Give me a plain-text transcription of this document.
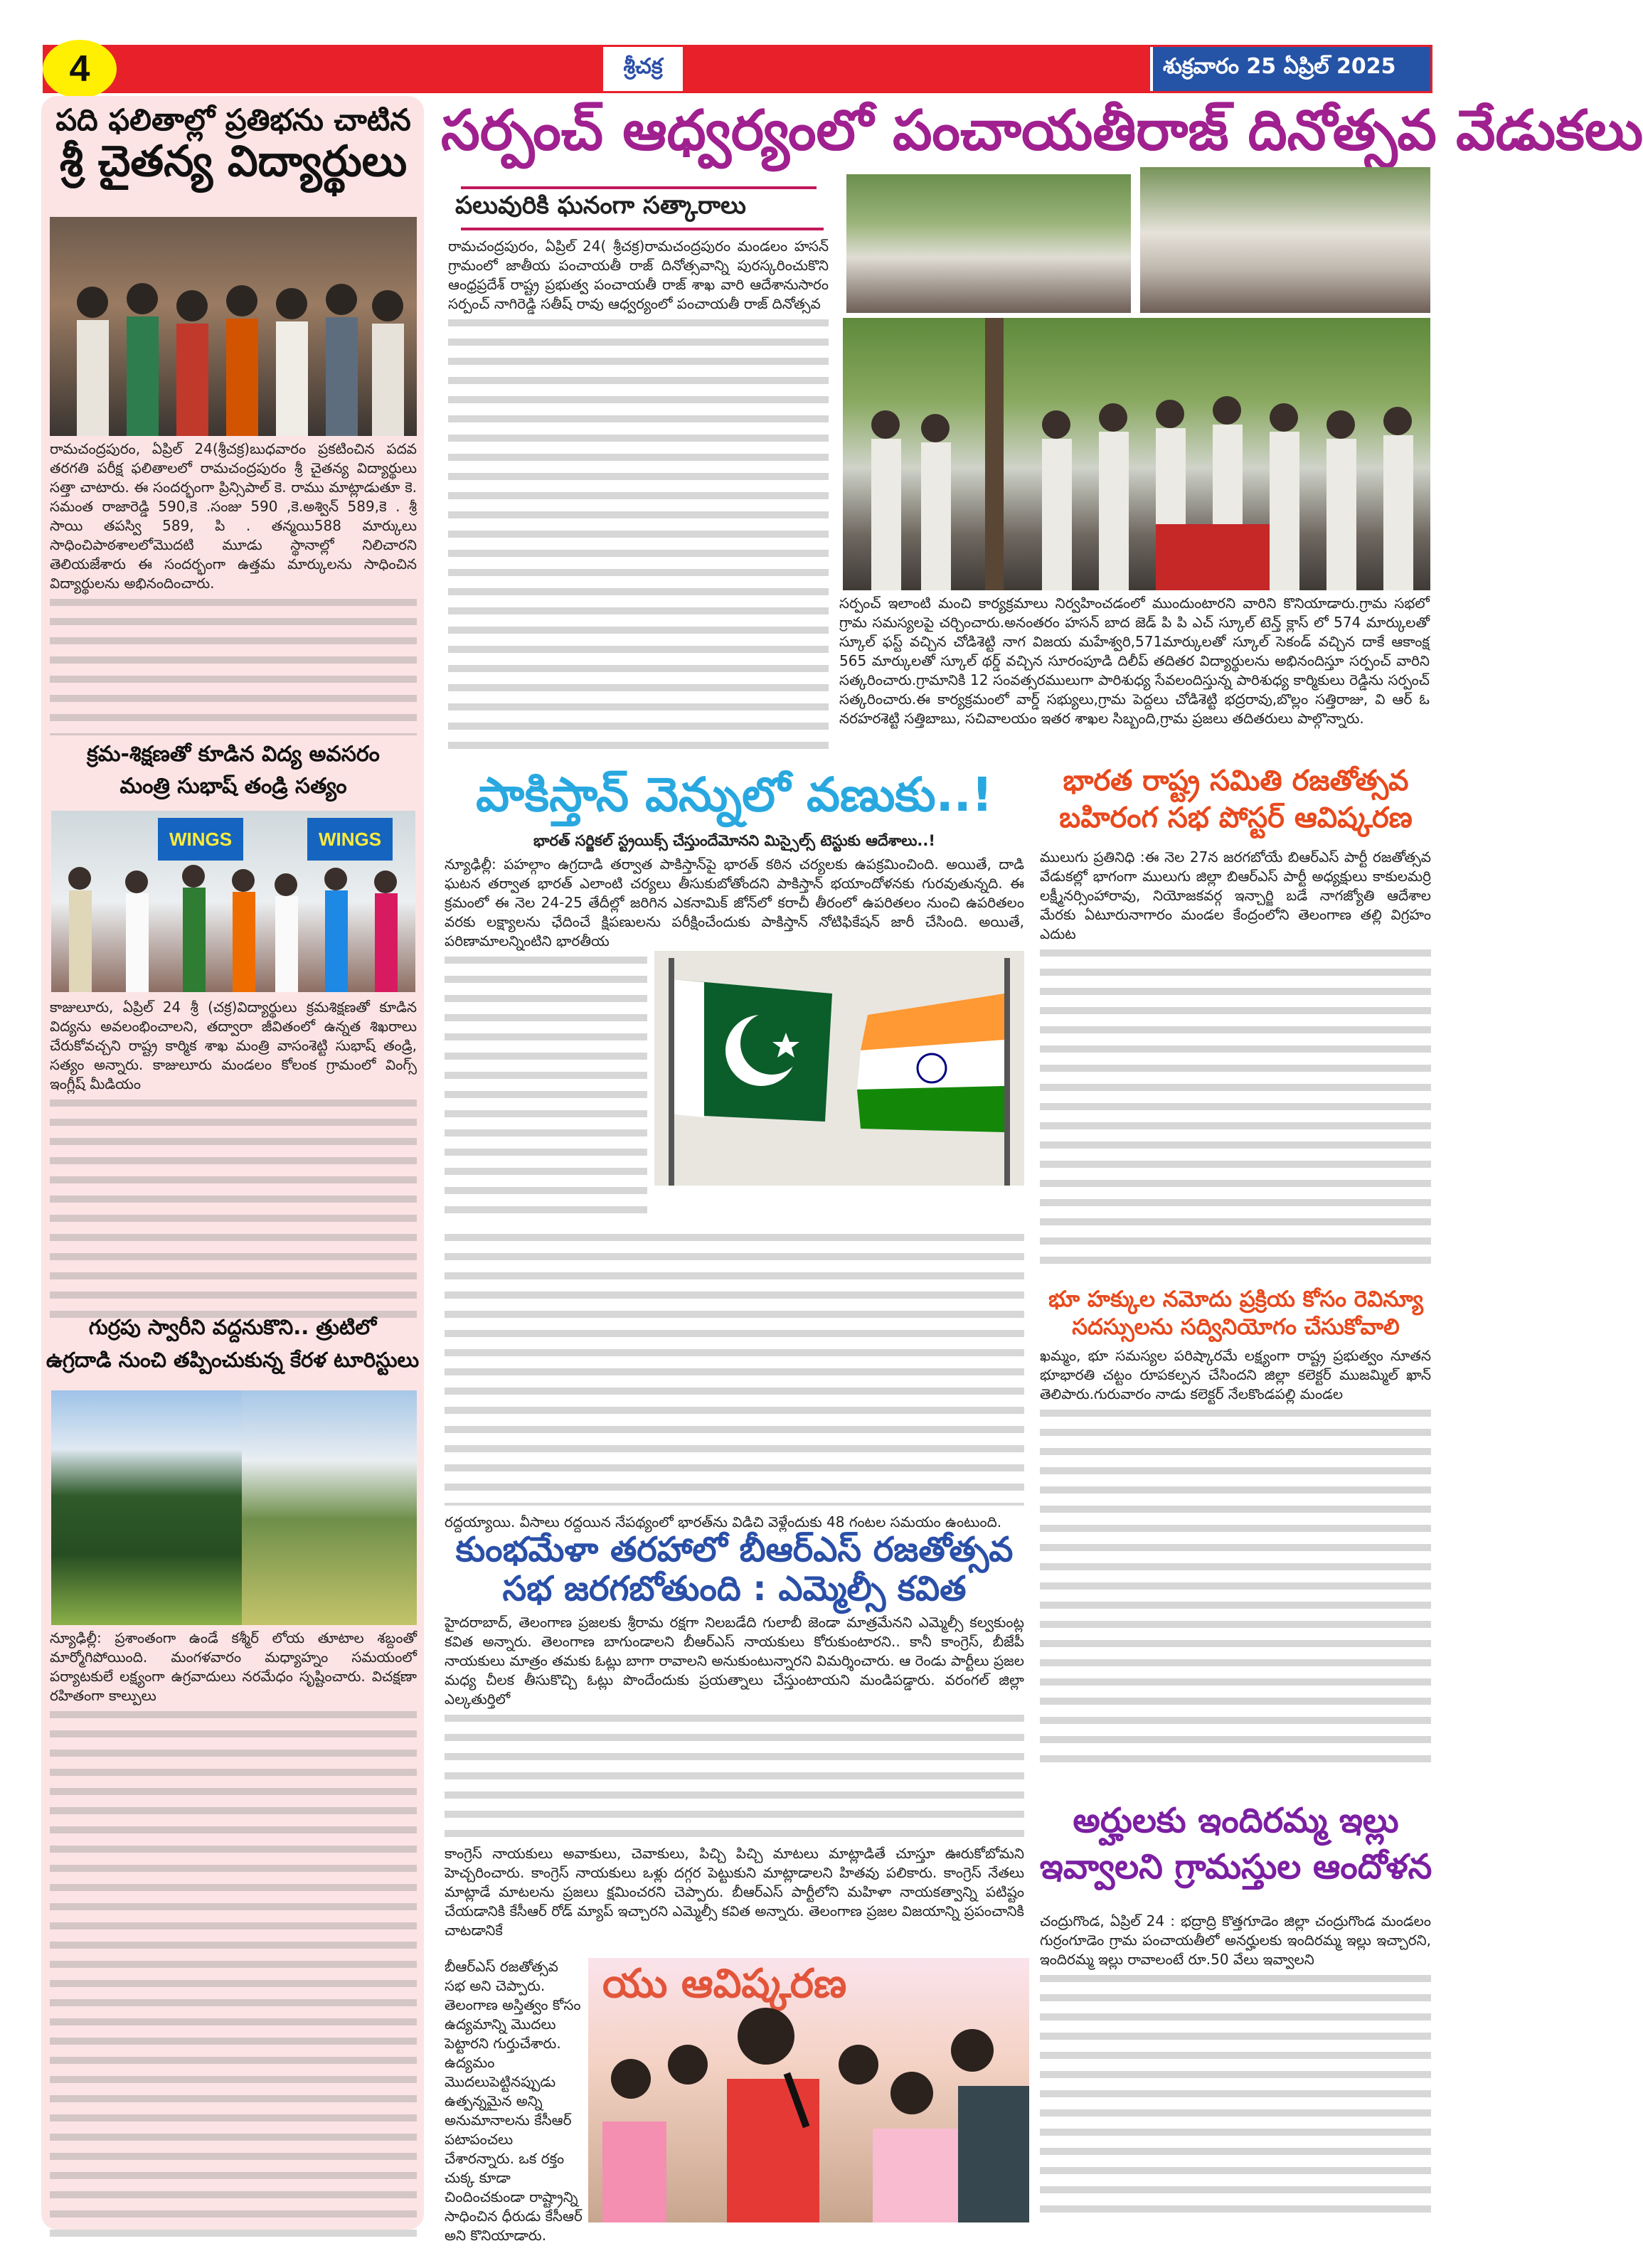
4	శ్రీచక్ర	శుక్రవారం 25 ఏప్రిల్ 2025
పది ఫలితాల్లో ప్రతిభను చాటిన
శ్రీ చైతన్య విద్యార్థులు
రామచంద్రపురం, ఏప్రిల్ 24(శ్రీచక్ర)బుధవారం ప్రకటించిన పదవ తరగతి పరీక్ష ఫలితాలలో రామచంద్రపురం శ్రీ చైతన్య విద్యార్థులు సత్తా చాటారు. ఈ సందర్భంగా ప్రిన్సిపాల్ కె. రాము మాట్లాడుతూ కె. సమంత రాజారెడ్డి 590,కె .సంజు 590 ,కె.అశ్విన్ 589,కె . శ్రీ సాయి తపస్వి 589, పి . తన్మయి588 మార్కులు సాధించిపాఠశాలలోమొదటి మూడు స్థానాల్లో నిలిచారని తెలియజేశారు ఈ సందర్భంగా ఉత్తమ మార్కులను సాధించిన విద్యార్థులను అభినందించారు.
క్రమ-శిక్షణతో కూడిన విద్య అవసరం
మంత్రి సుభాష్ తండ్రి సత్యం
WINGS	WINGS
కాజులూరు, ఏప్రిల్ 24 శ్రీ (చక్ర)విద్యార్థులు క్రమశిక్షణతో కూడిన విద్యను అవలంభించాలని, తద్వారా జీవితంలో ఉన్నత శిఖరాలు చేరుకోవచ్చని రాష్ట్ర కార్మిక శాఖ మంత్రి వాసంశెట్టి సుభాష్ తండ్రి, సత్యం అన్నారు. కాజులూరు మండలం కోలంక గ్రామంలో వింగ్స్ ఇంగ్లీష్ మీడియం
గుర్రపు స్వారీని వద్దనుకొని.. త్రుటిలో
ఉగ్రదాడి నుంచి తప్పించుకున్న కేరళ టూరిస్టులు
న్యూఢిల్లీ: ప్రశాంతంగా ఉండే కశ్మీర్ లోయ తూటాల శబ్దంతో మార్మోగిపోయింది. మంగళవారం మధ్యాహ్నం సమయంలో పర్యాటకులే లక్ష్యంగా ఉగ్రవాదులు నరమేధం సృష్టించారు. విచక్షణా రహితంగా కాల్పులు
సర్పంచ్ ఆధ్వర్యంలో పంచాయతీరాజ్ దినోత్సవ వేడుకలు
పలువురికి ఘనంగా సత్కారాలు
రామచంద్రపురం, ఏప్రిల్ 24( శ్రీచక్ర)రామచంద్రపురం మండలం హసన్ గ్రామంలో జాతీయ పంచాయతీ రాజ్ దినోత్సవాన్ని పురస్కరించుకొని ఆంధ్రప్రదేశ్ రాష్ట్ర ప్రభుత్వ పంచాయతీ రాజ్ శాఖ వారి ఆదేశానుసారం సర్పంచ్ నాగిరెడ్డి సతీష్ రావు ఆధ్వర్యంలో పంచాయతీ రాజ్ దినోత్సవ
సర్పంచ్ ఇలాంటి మంచి కార్యక్రమాలు నిర్వహించడంలో ముందుంటారని వారిని కొనియాడారు.గ్రామ సభలో గ్రామ సమస్యలపై చర్చించారు.అనంతరం హసన్ బాద జెడ్ పి పి ఎచ్ స్కూల్ టెన్త్ క్లాస్ లో 574 మార్కులతో స్కూల్ ఫస్ట్ వచ్చిన చోడిశెట్టి నాగ విజయ మహేశ్వరి,571మార్కులతో స్కూల్ సెకండ్ వచ్చిన దాకే ఆకాంక్ష 565 మార్కులతో స్కూల్ థర్డ్ వచ్చిన సూరంపూడి దిలీప్ తదితర విద్యార్థులను అభినందిస్తూ సర్పంచ్ వారిని సత్కరించారు.గ్రామానికి 12 సంవత్సరములుగా పారిశుధ్య సేవలందిస్తున్న పారిశుధ్య కార్మికులు రెడ్డిను సర్పంచ్ సత్కరించారు.ఈ కార్యక్రమంలో వార్డ్ సభ్యులు,గ్రామ పెద్దలు చోడిశెట్టి భద్రరావు,బొల్లం సత్తిరాజు, వి ఆర్ ఓ నరహరశెట్టి సత్తిబాబు, సచివాలయం ఇతర శాఖల సిబ్బంది,గ్రామ ప్రజలు తదితరులు పాల్గొన్నారు.
పాకిస్తాన్ వెన్నులో వణుకు..!
భారత్ సర్జికల్ స్ట్రయిక్స్ చేస్తుందేమోనని మిస్సైల్స్ టెస్టుకు ఆదేశాలు..!
న్యూఢిల్లీ: పహల్గాం ఉగ్రదాడి తర్వాత పాకిస్తాన్‌పై భారత్ కఠిన చర్యలకు ఉపక్రమించింది. అయితే, దాడి ఘటన తర్వాత భారత్ ఎలాంటి చర్యలు తీసుకుబోతోందని పాకిస్తాన్ భయాందోళనకు గురవుతున్నది. ఈ క్రమంలో ఈ నెల 24-25 తేదీల్లో జరిగిన ఎకనామిక్ జోన్‌లో కరాచీ తీరంలో ఉపరితలం నుంచి ఉపరితలం వరకు లక్ష్యాలను ఛేదించే క్షిపణులను పరీక్షించేందుకు పాకిస్తాన్ నోటిఫికేషన్ జారీ చేసింది. అయితే, పరిణామాలన్నింటిని భారతీయ
రద్దయ్యాయి. వీసాలు రద్దయిన నేపథ్యంలో భారత్‌ను విడిచి వెళ్లేందుకు 48 గంటల సమయం ఉంటుంది.
కుంభమేళా తరహాలో బీఆర్ఎస్ రజతోత్సవ
సభ జరగబోతుంది : ఎమ్మెల్సీ కవిత
హైదరాబాద్, తెలంగాణ ప్రజలకు శ్రీరామ రక్షగా నిలబడేది గులాబీ జెండా మాత్రమేనని ఎమ్మెల్సీ కల్వకుంట్ల కవిత అన్నారు. తెలంగాణ బాగుండాలని బీఆర్ఎస్ నాయకులు కోరుకుంటారని.. కానీ కాంగ్రెస్, బీజేపీ నాయకులు మాత్రం తమకు ఓట్లు బాగా రావాలని అనుకుంటున్నారని విమర్శించారు. ఆ రెండు పార్టీలు ప్రజల మధ్య చీలక తీసుకొచ్చి ఓట్లు పొందేందుకు ప్రయత్నాలు చేస్తుంటాయని మండిపడ్డారు. వరంగల్ జిల్లా ఎల్కతుర్తిలో
కాంగ్రెస్ నాయకులు అవాకులు, చెవాకులు, పిచ్చి పిచ్చి మాటలు మాట్లాడితే చూస్తూ ఊరుకోబోమని హెచ్చరించారు. కాంగ్రెస్ నాయకులు ఒళ్లు దగ్గర పెట్టుకుని మాట్లాడాలని హితవు పలికారు. కాంగ్రెస్ నేతలు మాట్లాడే మాటలను ప్రజలు క్షమించరని చెప్పారు. బీఆర్ఎస్ పార్టీలోని మహిళా నాయకత్వాన్ని పటిష్టం చేయడానికి కేసీఆర్ రోడ్ మ్యాప్ ఇచ్చారని ఎమ్మెల్సీ కవిత అన్నారు. తెలంగాణ ప్రజల విజయాన్ని ప్రపంచానికి చాటడానికే
బీఆర్ఎస్ రజతోత్సవ సభ అని చెప్పారు. తెలంగాణ అస్తిత్వం కోసం ఉద్యమాన్ని మొదలు పెట్టారని గుర్తుచేశారు. ఉద్యమం మొదలుపెట్టినప్పుడు ఉత్పన్నమైన అన్ని అనుమానాలను కేసీఆర్ పటాపంచలు చేశారన్నారు. ఒక రక్తం చుక్క కూడా చిందించకుండా రాష్ట్రాన్ని సాధించిన ధీరుడు కేసీఆర్ అని కొనియాడారు.
యు ఆవిష్కరణ
భారత రాష్ట్ర సమితి రజతోత్సవ
బహిరంగ సభ పోస్టర్ ఆవిష్కరణ
ములుగు ప్రతినిధి :ఈ నెల 27న జరగబోయే బిఆర్ఎస్ పార్టీ రజతోత్సవ వేడుకల్లో భాగంగా ములుగు జిల్లా బిఆర్ఎస్ పార్టీ అధ్యక్షులు కాకులమర్రి లక్ష్మీనర్సింహారావు, నియోజకవర్గ ఇన్చార్జి బడే నాగజ్యోతి ఆదేశాల మేరకు ఏటూరునాగారం మండల కేంద్రంలోని తెలంగాణ తల్లి విగ్రహం ఎదుట
భూ హక్కుల నమోదు ప్రక్రియ కోసం రెవిన్యూ
సదస్సులను సద్వినియోగం చేసుకోవాలి
ఖమ్మం, భూ సమస్యల పరిష్కారమే లక్ష్యంగా రాష్ట్ర ప్రభుత్వం నూతన భూభారతి చట్టం రూపకల్పన చేసిందని జిల్లా కలెక్టర్ ముజమ్మిల్ ఖాన్ తెలిపారు.గురువారం నాడు కలెక్టర్ నేలకొండపల్లి మండల
అర్హులకు ఇందిరమ్మ ఇల్లు
ఇవ్వాలని గ్రామస్తుల ఆందోళన
చంద్రుగొండ, ఏప్రిల్ 24 : భద్రాద్రి కొత్తగూడెం జిల్లా చంద్రుగొండ మండలం గుర్రంగూడెం గ్రామ పంచాయతీలో అనర్హులకు ఇందిరమ్మ ఇల్లు ఇచ్చారని, ఇందిరమ్మ ఇల్లు రావాలంటే రూ.50 వేలు ఇవ్వాలని
